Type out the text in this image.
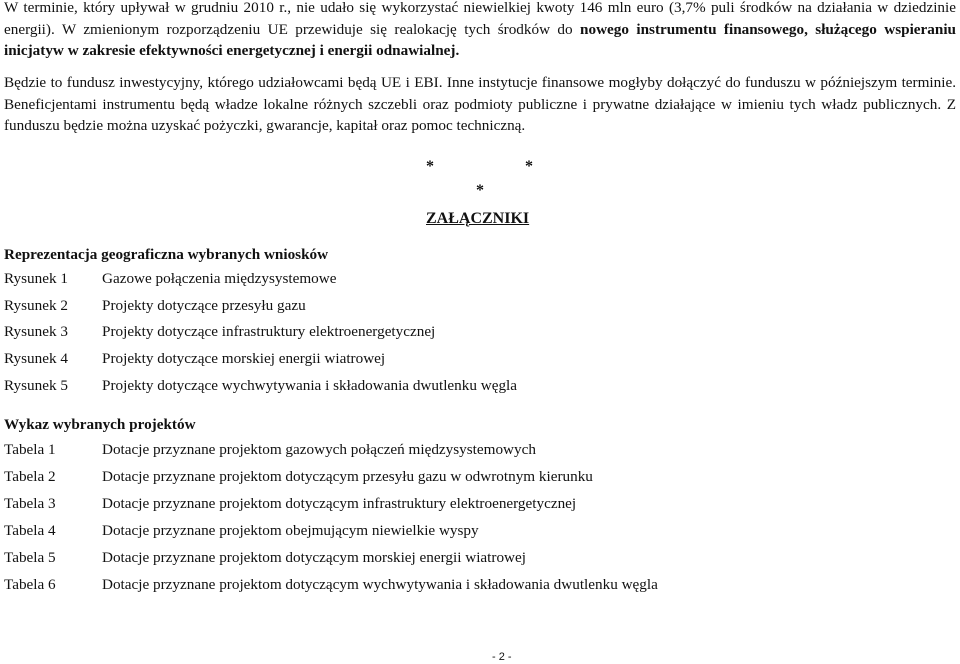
W terminie, który upływał w grudniu 2010 r., nie udało się wykorzystać niewielkiej kwoty 146 mln euro (3,7% puli środków na działania w dziedzinie energii). W zmienionym rozporządzeniu UE przewiduje się realokację tych środków do nowego instrumentu finansowego, służącego wspieraniu inicjatyw w zakresie efektywności energetycznej i energii odnawialnej.

Będzie to fundusz inwestycyjny, którego udziałowcami będą UE i EBI. Inne instytucje finansowe mogłyby dołączyć do funduszu w późniejszym terminie. Beneficjentami instrumentu będą władze lokalne różnych szczebli oraz podmioty publiczne i prywatne działające w imieniu tych władz publicznych. Z funduszu będzie można uzyskać pożyczki, gwarancje, kapitał oraz pomoc techniczną.

*	*
*
ZAŁĄCZNIKI
Reprezentacja geograficzna wybranych wniosków
Rysunek 1 Gazowe połączenia międzysystemowe
Rysunek 2 Projekty dotyczące przesyłu gazu
Rysunek 3 Projekty dotyczące infrastruktury elektroenergetycznej
Rysunek 4 Projekty dotyczące morskiej energii wiatrowej
Rysunek 5 Projekty dotyczące wychwytywania i składowania dwutlenku węgla
Wykaz wybranych projektów
Tabela 1	Dotacje przyznane projektom gazowych połączeń międzysystemowych
Tabela 2	Dotacje przyznane projektom dotyczącym przesyłu gazu w odwrotnym kierunku
Tabela 3	Dotacje przyznane projektom dotyczącym infrastruktury elektroenergetycznej
Tabela 4	Dotacje przyznane projektom obejmującym niewielkie wyspy
Tabela 5	Dotacje przyznane projektom dotyczącym morskiej energii wiatrowej
Tabela 6	Dotacje przyznane projektom dotyczącym wychwytywania i składowania dwutlenku węgla
- 2 -
